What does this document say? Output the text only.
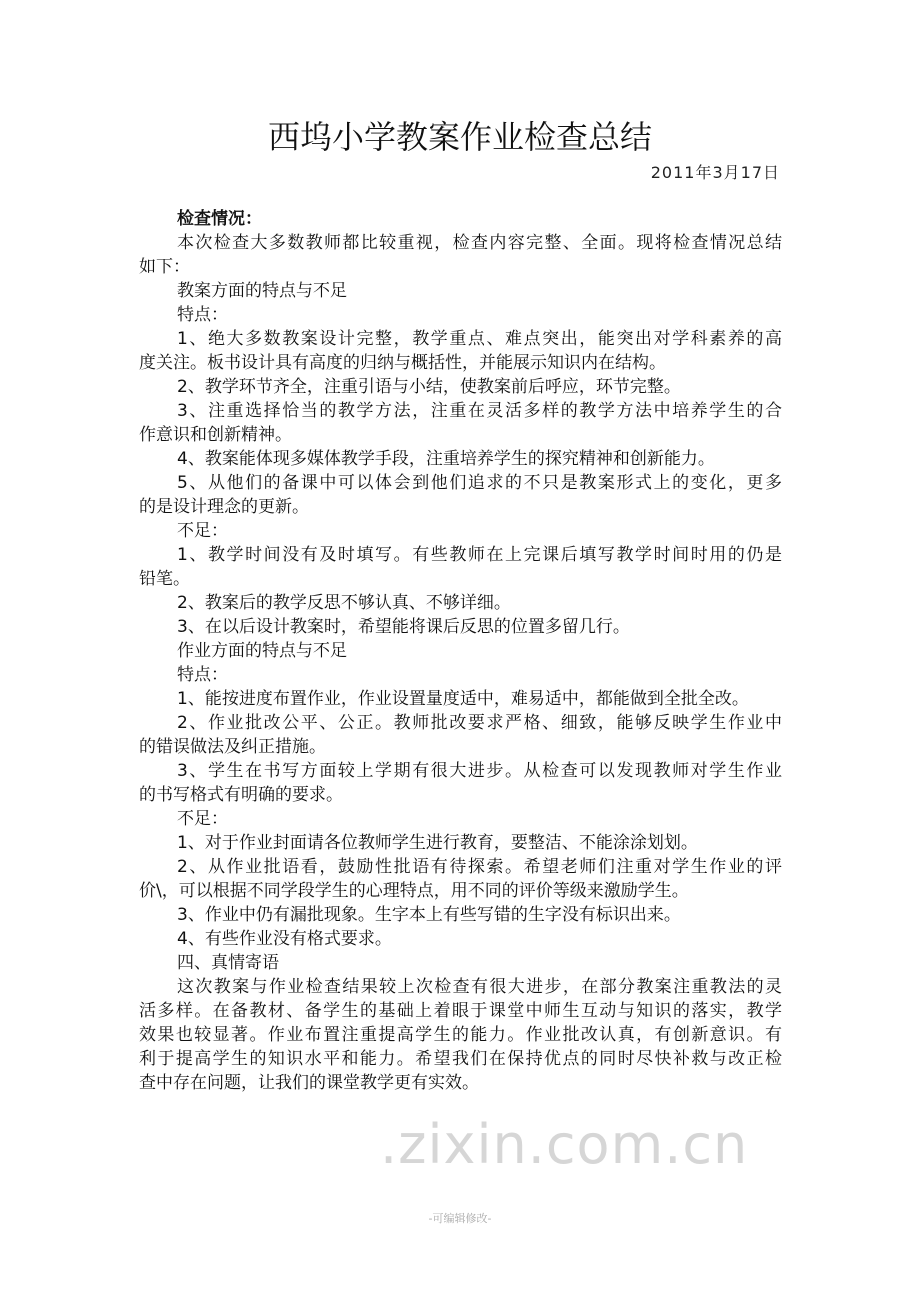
西坞小学教案作业检查总结
2011年3月17日
检查情况：
本次检查大多数教师都比较重视，检查内容完整、全面。现将检查情况总结
如下：
教案方面的特点与不足
特点：
1、绝大多数教案设计完整，教学重点、难点突出，能突出对学科素养的高
度关注。板书设计具有高度的归纳与概括性，并能展示知识内在结构。
2、教学环节齐全，注重引语与小结，使教案前后呼应，环节完整。
3、注重选择恰当的教学方法，注重在灵活多样的教学方法中培养学生的合
作意识和创新精神。
4、教案能体现多媒体教学手段，注重培养学生的探究精神和创新能力。
5、从他们的备课中可以体会到他们追求的不只是教案形式上的变化，更多
的是设计理念的更新。
不足：
1、教学时间没有及时填写。有些教师在上完课后填写教学时间时用的仍是
铅笔。
2、教案后的教学反思不够认真、不够详细。
3、在以后设计教案时，希望能将课后反思的位置多留几行。
作业方面的特点与不足
特点：
1、能按进度布置作业，作业设置量度适中，难易适中，都能做到全批全改。
2、作业批改公平、公正。教师批改要求严格、细致，能够反映学生作业中
的错误做法及纠正措施。
3、学生在书写方面较上学期有很大进步。从检查可以发现教师对学生作业
的书写格式有明确的要求。
不足：
1、对于作业封面请各位教师学生进行教育，要整洁、不能涂涂划划。
2、从作业批语看，鼓励性批语有待探索。希望老师们注重对学生作业的评
价\，可以根据不同学段学生的心理特点，用不同的评价等级来激励学生。
3、作业中仍有漏批现象。生字本上有些写错的生字没有标识出来。
4、有些作业没有格式要求。
四、真情寄语
这次教案与作业检查结果较上次检查有很大进步，在部分教案注重教法的灵
活多样。在备教材、备学生的基础上着眼于课堂中师生互动与知识的落实，教学
效果也较显著。作业布置注重提高学生的能力。作业批改认真，有创新意识。有
利于提高学生的知识水平和能力。希望我们在保持优点的同时尽快补救与改正检
查中存在问题，让我们的课堂教学更有实效。
.zixin.com.cn
-可编辑修改-
